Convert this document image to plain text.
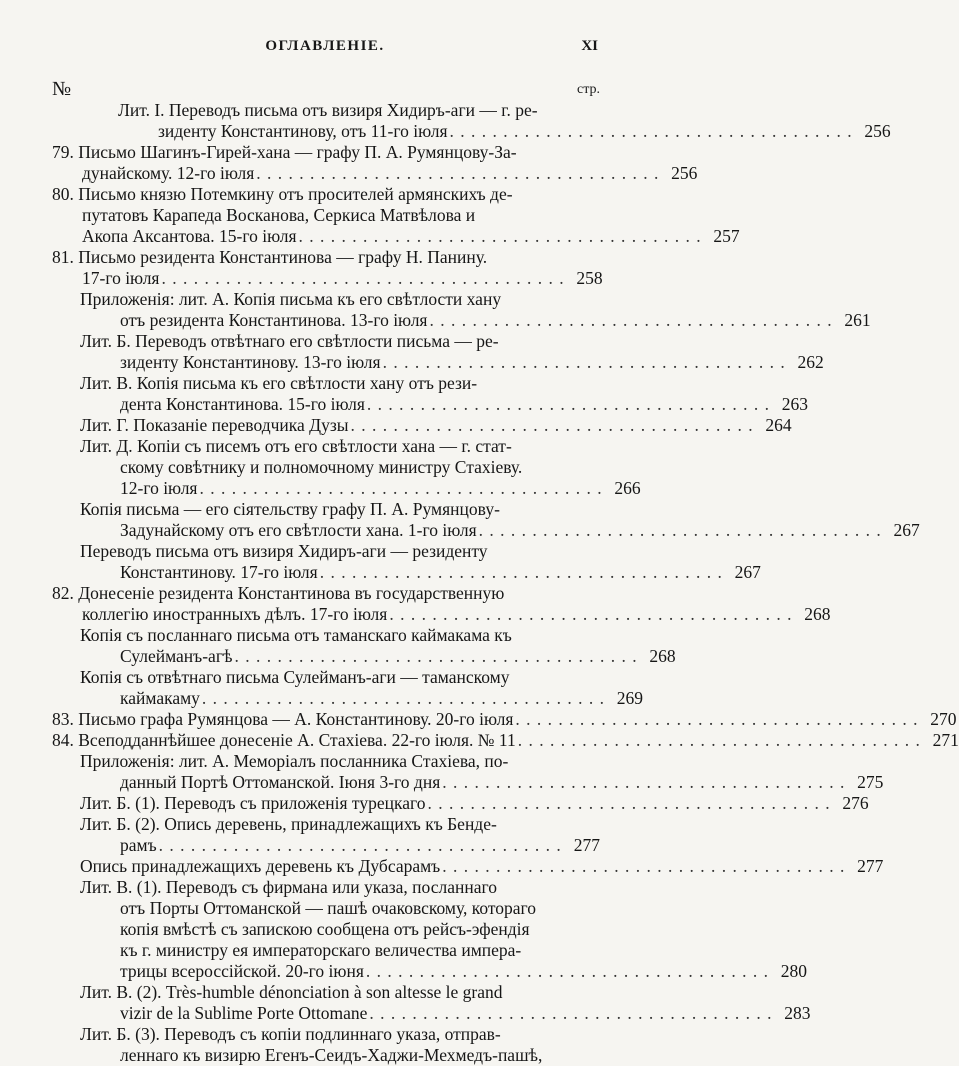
ОГЛАВЛЕНІЕ.	XI
№	стр.
Лит. І. Переводъ письма отъ визиря Хидиръ-аги — г. ре-
зиденту Константинову, отъ 11-го іюля . . . . . . . . . . . . . . . . . . . . . . . . . . . . . . . . . . . . . . 256
79. Письмо Шагинъ-Гирей-хана — графу П. А. Румянцову-За-
дунайскому. 12-го іюля . . . . . . . . . . . . . . . . . . . . . . . . . . . . . . . . . . . . . . 256
80. Письмо князю Потемкину отъ просителей армянскихъ де-
путатовъ Карапеда Восканова, Серкиса Матвѣлова и
Акопа Аксантова. 15-го іюля . . . . . . . . . . . . . . . . . . . . . . . . . . . . . . . . . . . . . . 257
81. Письмо резидента Константинова — графу Н. Панину.
17-го іюля . . . . . . . . . . . . . . . . . . . . . . . . . . . . . . . . . . . . . . 258
Приложенія: лит. А. Копія письма къ его свѣтлости хану
отъ резидента Константинова. 13-го іюля . . . . . . . . . . . . . . . . . . . . . . . . . . . . . . . . . . . . . . 261
Лит. Б. Переводъ отвѣтнаго его свѣтлости письма — ре-
зиденту Константинову. 13-го іюля . . . . . . . . . . . . . . . . . . . . . . . . . . . . . . . . . . . . . . 262
Лит. В. Копія письма къ его свѣтлости хану отъ рези-
дента Константинова. 15-го іюля . . . . . . . . . . . . . . . . . . . . . . . . . . . . . . . . . . . . . . 263
Лит. Г. Показаніе переводчика Дузы . . . . . . . . . . . . . . . . . . . . . . . . . . . . . . . . . . . . . . 264
Лит. Д. Копіи съ писемъ отъ его свѣтлости хана — г. стат-
скому совѣтнику и полномочному министру Стахіеву.
12-го іюля . . . . . . . . . . . . . . . . . . . . . . . . . . . . . . . . . . . . . . 266
Копія письма — его сіятельству графу П. А. Румянцову-
Задунайскому отъ его свѣтлости хана. 1-го іюля . . . . . . . . . . . . . . . . . . . . . . . . . . . . . . . . . . . . . . 267
Переводъ письма отъ визиря Хидиръ-аги — резиденту
Константинову. 17-го іюля . . . . . . . . . . . . . . . . . . . . . . . . . . . . . . . . . . . . . . 267
82. Донесеніе резидента Константинова въ государственную
коллегію иностранныхъ дѣлъ. 17-го іюля . . . . . . . . . . . . . . . . . . . . . . . . . . . . . . . . . . . . . . 268
Копія съ посланнаго письма отъ таманскаго каймакама къ
Сулейманъ-агѣ . . . . . . . . . . . . . . . . . . . . . . . . . . . . . . . . . . . . . . 268
Копія съ отвѣтнаго письма Сулейманъ-аги — таманскому
каймакаму . . . . . . . . . . . . . . . . . . . . . . . . . . . . . . . . . . . . . . 269
83. Письмо графа Румянцова — А. Константинову. 20-го іюля . . . . . . . . . . . . . . . . . . . . . . . . . . . . . . . . . . . . . . 270
84. Всеподданнѣйшее донесеніе А. Стахіева. 22-го іюля. № 11 . . . . . . . . . . . . . . . . . . . . . . . . . . . . . . . . . . . . . . 271
Приложенія: лит. А. Меморіалъ посланника Стахіева, по-
данный Портѣ Оттоманской. Іюня 3-го дня . . . . . . . . . . . . . . . . . . . . . . . . . . . . . . . . . . . . . . 275
Лит. Б. (1). Переводъ съ приложенія турецкаго . . . . . . . . . . . . . . . . . . . . . . . . . . . . . . . . . . . . . . 276
Лит. Б. (2). Опись деревень, принадлежащихъ къ Бенде-
рамъ . . . . . . . . . . . . . . . . . . . . . . . . . . . . . . . . . . . . . . 277
Опись принадлежащихъ деревень къ Дубсарамъ . . . . . . . . . . . . . . . . . . . . . . . . . . . . . . . . . . . . . . 277
Лит. В. (1). Переводъ съ фирмана или указа, посланнаго
отъ Порты Оттоманской — пашѣ очаковскому, котораго
копія вмѣстѣ съ запискою сообщена отъ рейсъ-эфендія
къ г. министру ея императорскаго величества импера-
трицы всероссійской. 20-го іюня . . . . . . . . . . . . . . . . . . . . . . . . . . . . . . . . . . . . . . 280
Лит. В. (2). Très-humble dénonciation à son altesse le grand
vizir de la Sublime Porte Ottomane . . . . . . . . . . . . . . . . . . . . . . . . . . . . . . . . . . . . . . 283
Лит. Б. (3). Переводъ съ копіи подлиннаго указа, отправ-
леннаго къ визирю Егенъ-Сеидъ-Хаджи-Мехмедъ-пашѣ,
